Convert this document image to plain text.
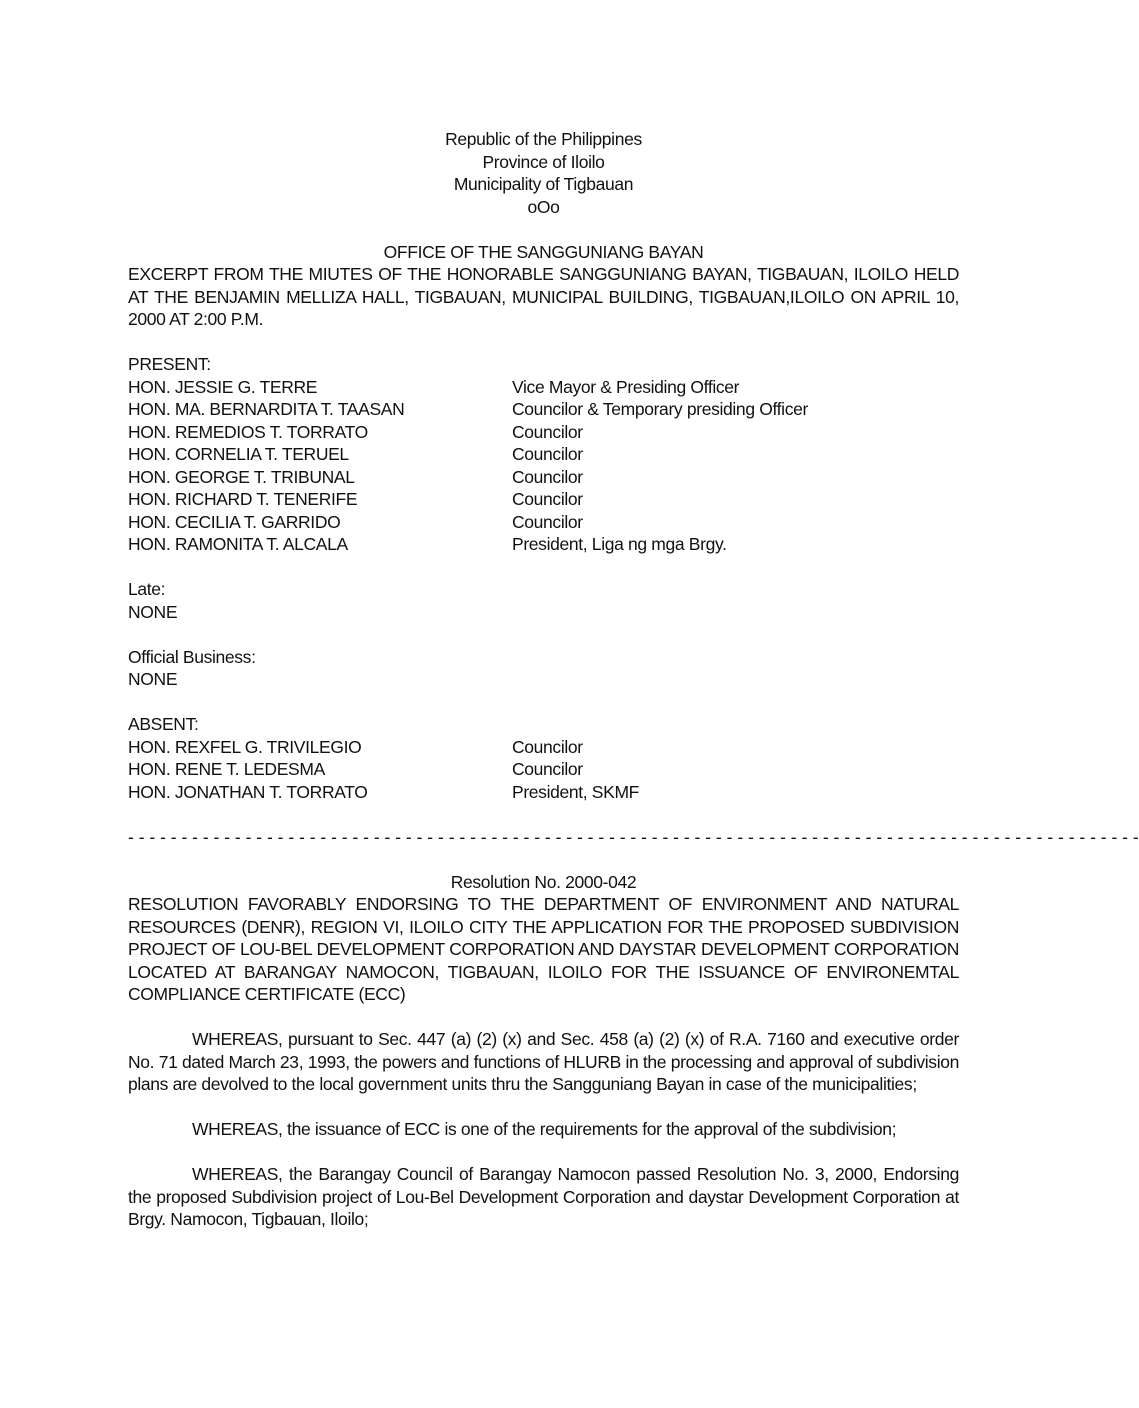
Republic of the Philippines
Province of Iloilo
Municipality of Tigbauan
oOo
OFFICE OF THE SANGGUNIANG BAYAN
EXCERPT FROM THE MIUTES OF THE HONORABLE SANGGUNIANG BAYAN, TIGBAUAN, ILOILO HELD AT THE BENJAMIN MELLIZA HALL, TIGBAUAN, MUNICIPAL BUILDING, TIGBAUAN,ILOILO ON APRIL 10, 2000 AT 2:00 P.M.
PRESENT:
HON. JESSIE G. TERRE	Vice Mayor & Presiding Officer
HON. MA. BERNARDITA T. TAASAN	Councilor & Temporary presiding Officer
HON. REMEDIOS T. TORRATO	Councilor
HON. CORNELIA T. TERUEL	Councilor
HON. GEORGE T. TRIBUNAL	Councilor
HON. RICHARD T. TENERIFE	Councilor
HON. CECILIA T. GARRIDO	Councilor
HON. RAMONITA T. ALCALA	President, Liga ng mga Brgy.
Late:
NONE
Official Business:
NONE
ABSENT:
HON. REXFEL G. TRIVILEGIO	Councilor
HON. RENE T. LEDESMA	Councilor
HON. JONATHAN T. TORRATO	President, SKMF
- - - - - - - - - - - - - - - - - - - - - - - - - - - - - - - - - - - - - - - - - - - - - - - - - - - - - - - - - - - - - - - - - - - - - - - - - - - - - - - - - - - - - - - - - - - - - - -
Resolution No. 2000-042
RESOLUTION FAVORABLY ENDORSING TO THE DEPARTMENT OF ENVIRONMENT AND NATURAL RESOURCES (DENR), REGION VI, ILOILO CITY THE APPLICATION FOR THE PROPOSED SUBDIVISION PROJECT OF LOU-BEL DEVELOPMENT CORPORATION AND DAYSTAR DEVELOPMENT CORPORATION LOCATED AT BARANGAY NAMOCON, TIGBAUAN, ILOILO FOR THE ISSUANCE OF ENVIRONEMTAL COMPLIANCE CERTIFICATE (ECC)
WHEREAS, pursuant to Sec. 447 (a) (2) (x) and Sec. 458 (a) (2) (x) of R.A. 7160 and executive order No. 71 dated March 23, 1993, the powers and functions of HLURB in the processing and approval of subdivision plans are devolved to the local government units thru the Sangguniang Bayan in case of the municipalities;
WHEREAS, the issuance of ECC is one of the requirements for the approval of the subdivision;
WHEREAS, the Barangay Council of Barangay Namocon passed Resolution No. 3, 2000, Endorsing the proposed Subdivision project of Lou-Bel Development Corporation and daystar Development Corporation at Brgy. Namocon, Tigbauan, Iloilo;
